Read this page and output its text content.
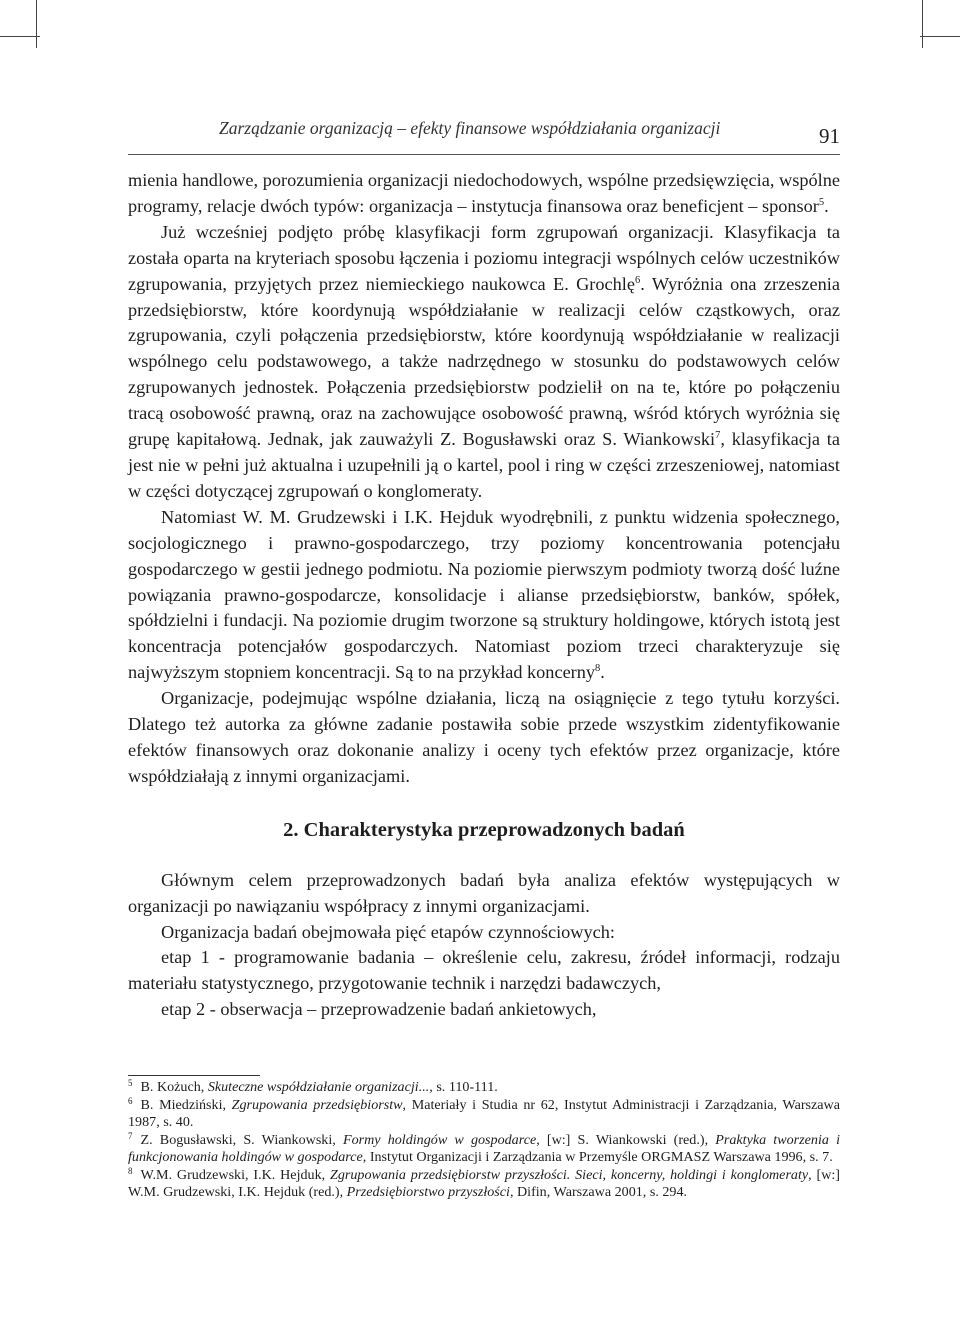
Zarządzanie organizacją – efekty finansowe współdziałania organizacji	91

mienia handlowe, porozumienia organizacji niedochodowych, wspólne przedsięwzięcia, wspólne programy, relacje dwóch typów: organizacja – instytucja finansowa oraz beneficjent – sponsor$^5$.

Już wcześniej podjęto próbę klasyfikacji form zgrupowań organizacji. Klasyfikacja ta została oparta na kryteriach sposobu łączenia i poziomu integracji wspólnych celów uczestników zgrupowania, przyjętych przez niemieckiego naukowca E. Grochlę$^6$. Wyróżnia ona zrzeszenia przedsiębiorstw, które koordynują współdziałanie w realizacji celów cząstkowych, oraz zgrupowania, czyli połączenia przedsiębiorstw, które koordynują współdziałanie w realizacji wspólnego celu podstawowego, a także nadrzędnego w stosunku do podstawowych celów zgrupowanych jednostek. Połączenia przedsiębiorstw podzielił on na te, które po połączeniu tracą osobowość prawną, oraz na zachowujące osobowość prawną, wśród których wyróżnia się grupę kapitałową. Jednak, jak zauważyli Z. Bogusławski oraz S. Wiankowski$^7$, klasyfikacja ta jest nie w pełni już aktualna i uzupełnili ją o kartel, pool i ring w części zrzeszeniowej, natomiast w części dotyczącej zgrupowań o konglomeraty.

Natomiast W. M. Grudzewski i I.K. Hejduk wyodrębnili, z punktu widzenia społecznego, socjologicznego i prawno-gospodarczego, trzy poziomy koncentrowania potencjału gospodarczego w gestii jednego podmiotu. Na poziomie pierwszym podmioty tworzą dość luźne powiązania prawno-gospodarcze, konsolidacje i alianse przedsiębiorstw, banków, spółek, spółdzielni i fundacji. Na poziomie drugim tworzone są struktury holdingowe, których istotą jest koncentracja potencjałów gospodarczych. Natomiast poziom trzeci charakteryzuje się najwyższym stopniem koncentracji. Są to na przykład koncerny$^8$.

Organizacje, podejmując wspólne działania, liczą na osiągnięcie z tego tytułu korzyści. Dlatego też autorka za główne zadanie postawiła sobie przede wszystkim zidentyfikowanie efektów finansowych oraz dokonanie analizy i oceny tych efektów przez organizacje, które współdziałają z innymi organizacjami.

2. Charakterystyka przeprowadzonych badań

Głównym celem przeprowadzonych badań była analiza efektów występujących w organizacji po nawiązaniu współpracy z innymi organizacjami.

Organizacja badań obejmowała pięć etapów czynnościowych:

etap 1 - programowanie badania – określenie celu, zakresu, źródeł informacji, rodzaju materiału statystycznego, przygotowanie technik i narzędzi badawczych,

etap 2 - obserwacja – przeprowadzenie badań ankietowych,

$^5$ B. Kożuch, Skuteczne współdziałanie organizacji..., s. 110-111.

$^6$ B. Miedziński, Zgrupowania przedsiębiorstw, Materiały i Studia nr 62, Instytut Administracji i Zarządzania, Warszawa 1987, s. 40.

$^7$ Z. Bogusławski, S. Wiankowski, Formy holdingów w gospodarce, [w:] S. Wiankowski (red.), Praktyka tworzenia i funkcjonowania holdingów w gospodarce, Instytut Organizacji i Zarządzania w Przemyśle ORGMASZ Warszawa 1996, s. 7.

$^8$ W.M. Grudzewski, I.K. Hejduk, Zgrupowania przedsiębiorstw przyszłości. Sieci, koncerny, holdingi i konglomeraty, [w:] W.M. Grudzewski, I.K. Hejduk (red.), Przedsiębiorstwo przyszłości, Difin, Warszawa 2001, s. 294.
